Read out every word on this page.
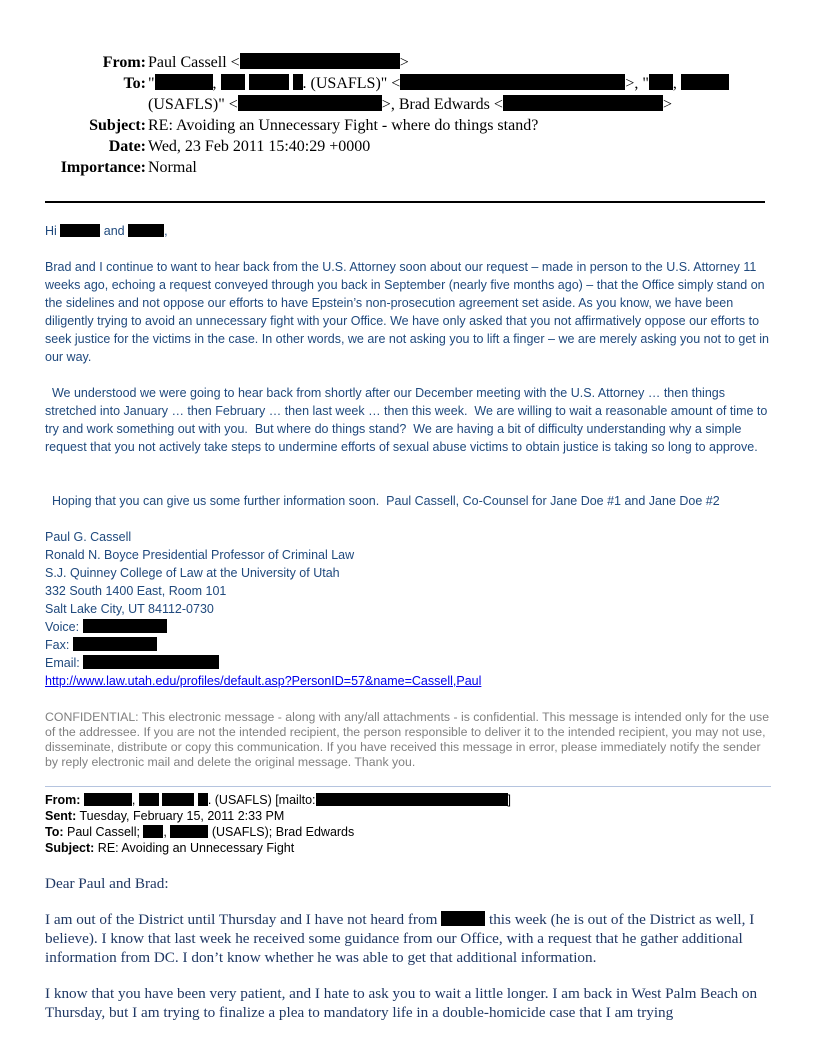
From: Paul Cassell <	>
To: "	,	. (USAFLS)" <	>, " ,
(USAFLS)" <	>, Brad Edwards <	>
Subject: RE: Avoiding an Unnecessary Fight - where do things stand?
Date: Wed, 23 Feb 2011 15:40:29 +0000
Importance: Normal

Hi	and	,

Brad and I continue to want to hear back from the U.S. Attorney soon about our request – made in person to the U.S. Attorney 11 weeks ago, echoing a request conveyed through you back in September (nearly five months ago) – that the Office simply stand on the sidelines and not oppose our efforts to have Epstein’s non-prosecution agreement set aside. As you know, we have been diligently trying to avoid an unnecessary fight with your Office. We have only asked that you not affirmatively oppose our efforts to seek justice for the victims in the case. In other words, we are not asking you to lift a finger – we are merely asking you not to get in our way.

We understood we were going to hear back from shortly after our December meeting with the U.S. Attorney … then things stretched into January … then February … then last week … then this week.  We are willing to wait a reasonable amount of time to try and work something out with you.  But where do things stand?  We are having a bit of difficulty understanding why a simple request that you not actively take steps to undermine efforts of sexual abuse victims to obtain justice is taking so long to approve.

Hoping that you can give us some further information soon.  Paul Cassell, Co-Counsel for Jane Doe #1 and Jane Doe #2

Paul G. Cassell
Ronald N. Boyce Presidential Professor of Criminal Law
S.J. Quinney College of Law at the University of Utah
332 South 1400 East, Room 101
Salt Lake City, UT 84112-0730
Voice:
Fax:
Email:
http://www.law.utah.edu/profiles/default.asp?PersonID=57&name=Cassell,Paul

CONFIDENTIAL: This electronic message - along with any/all attachments - is confidential. This message is intended only for the use of the addressee. If you are not the intended recipient, the person responsible to deliver it to the intended recipient, you may not use, disseminate, distribute or copy this communication. If you have received this message in error, please immediately notify the sender by reply electronic mail and delete the original message. Thank you.

From:	,	. (USAFLS) [mailto:	]
Sent: Tuesday, February 15, 2011 2:33 PM
To: Paul Cassell; ,	(USAFLS); Brad Edwards
Subject: RE: Avoiding an Unnecessary Fight

Dear Paul and Brad:

I am out of the District until Thursday and I have not heard from	this week (he is out of the District as well, I believe). I know that last week he received some guidance from our Office, with a request that he gather additional information from DC. I don’t know whether he was able to get that additional information.

I know that you have been very patient, and I hate to ask you to wait a little longer. I am back in West Palm Beach on Thursday, but I am trying to finalize a plea to mandatory life in a double-homicide case that I am trying
